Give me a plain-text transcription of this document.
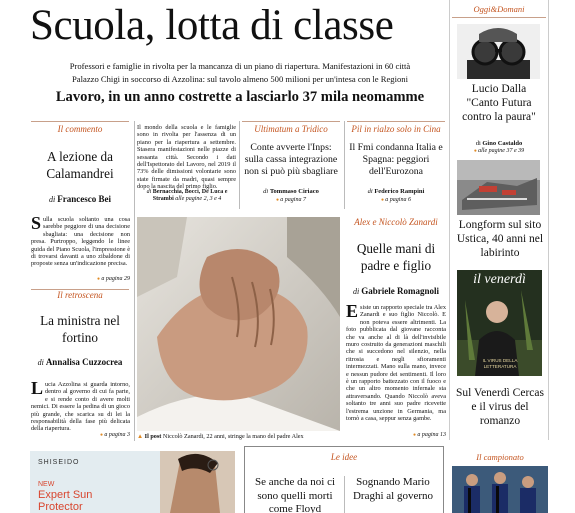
Scuola, lotta di classe
Professori e famiglie in rivolta per la mancanza di un piano di riapertura. Manifestazioni in 60 città
Palazzo Chigi in soccorso di Azzolina: sul tavolo almeno 500 milioni per un'intesa con le Regioni
Lavoro, in un anno costrette a lasciarlo 37 mila neomamme
Oggi&Domani
Lucio Dalla "Canto Futura contro la paura"
di Gino Castaldo
● alle pagine 37 e 39
Longform sul sito Ustica, 40 anni nel labirinto
il venerdì
IL VIRUS DELLA LETTERATURA
Sul Venerdì Cercas e il virus del romanzo
Il campionato
Il commento
A lezione da Calamandrei
di Francesco Bei
Sulla scuola soltanto una cosa sarebbe peggiore di una decisione sbagliata: una decisione non presa. Purtroppo, leggendo le linee guida del Piano Scuola, l'impressione è di trovarsi davanti a uno zibaldone di proposte senza un'indicazione precisa.
● a pagina 29
Il retroscena
La ministra nel fortino
di Annalisa Cuzzocrea
Lucia Azzolina si guarda intorno, dentro al governo di cui fa parte, e si rende conto di avere molti nemici. Di essere la pedina di un gioco più grande, che scarica su di lei la responsabilità della fase più delicata della riapertura.
● a pagina 3
Il mondo della scuola e le famiglie sono in rivolta per l'assenza di un piano per la riapertura a settembre. Stasera manifestazioni nelle piazze di sessanta città. Secondo i dati dell'Ispettorato del Lavoro, nel 2019 il 73% delle dimissioni volontarie sono state firmate da madri, quasi sempre dopo la nascita del primo figlio.
di Bernacchia, Bocci, De Luca e Strambi alle pagine 2, 3 e 4
Ultimatum a Tridico
Conte avverte l'Inps: sulla cassa integrazione non si può più sbagliare
di Tommaso Ciriaco
● a pagina 7
Pil in rialzo solo in Cina
Il Fmi condanna Italia e Spagna: peggiori dell'Eurozona
di Federico Rampini
● a pagina 6
▲ Il post Niccolò Zanardi, 22 anni, stringe la mano del padre Alex
Alex e Niccolò Zanardi
Quelle mani di padre e figlio
di Gabriele Romagnoli
Esiste un rapporto speciale tra Alex Zanardi e suo figlio Niccolò. E non poteva essere altrimenti. La foto pubblicata dal giovane racconta che va anche al di là dell'invisibile muro costruito da generazioni maschili che si succedono nel silenzio, nella ritrosia e negli sfioramenti intermezzati. Mano sulla mano, invece e nessun pudore dei sentimenti. Il loro è un rapporto battezzato con il fuoco e che un altro momento infernale sta attraversando. Quando Niccolò aveva soltanto tre anni suo padre ricevette l'estrema unzione in Germania, ma tornò a casa, seppur senza gambe.
● a pagina 13
SHISEIDO
NEW
Expert Sun
Protector
Le idee
Se anche da noi ci sono quelli morti come Floyd
Sognando Mario Draghi al governo
